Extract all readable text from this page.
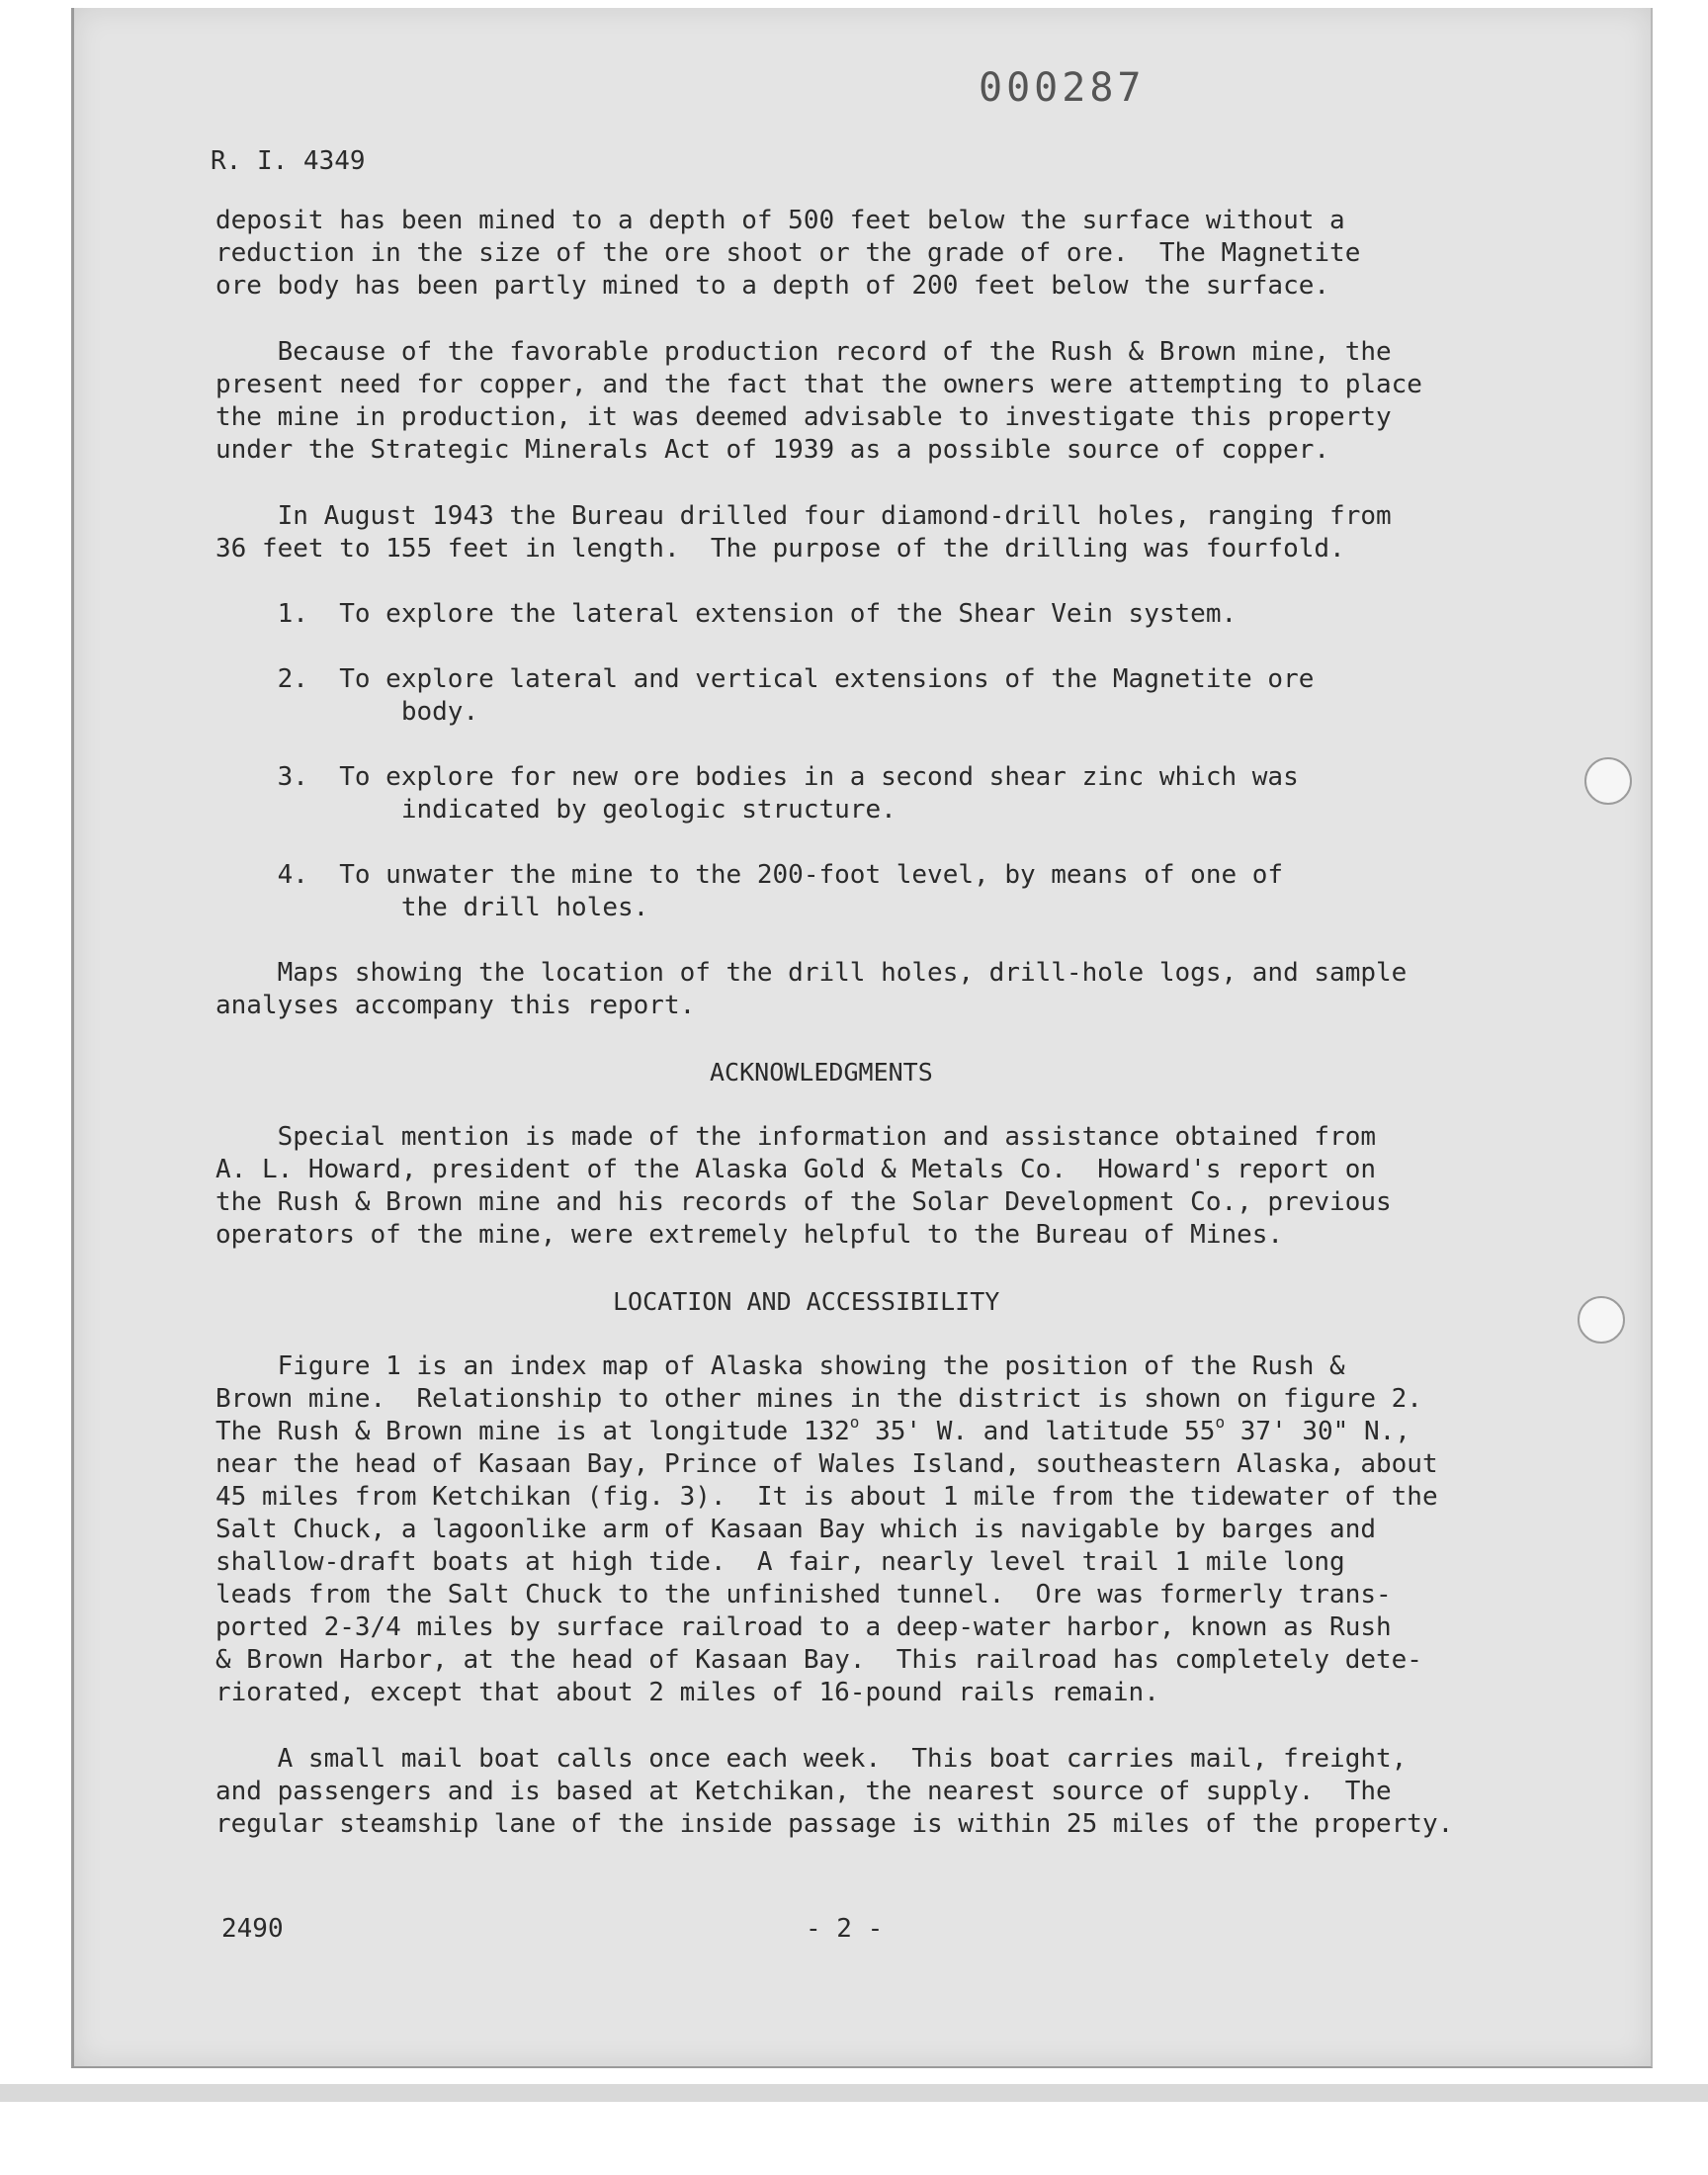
000287
R. I. 4349
deposit has been mined to a depth of 500 feet below the surface without a
reduction in the size of the ore shoot or the grade of ore.  The Magnetite
ore body has been partly mined to a depth of 200 feet below the surface.
Because of the favorable production record of the Rush & Brown mine, the
present need for copper, and the fact that the owners were attempting to place
the mine in production, it was deemed advisable to investigate this property
under the Strategic Minerals Act of 1939 as a possible source of copper.
In August 1943 the Bureau drilled four diamond-drill holes, ranging from
36 feet to 155 feet in length.  The purpose of the drilling was fourfold.
1.  To explore the lateral extension of the Shear Vein system.
2.  To explore lateral and vertical extensions of the Magnetite ore
body.
3.  To explore for new ore bodies in a second shear zinc which was
indicated by geologic structure.
4.  To unwater the mine to the 200-foot level, by means of one of
the drill holes.
Maps showing the location of the drill holes, drill-hole logs, and sample
analyses accompany this report.
ACKNOWLEDGMENTS
Special mention is made of the information and assistance obtained from
A. L. Howard, president of the Alaska Gold & Metals Co.  Howard's report on
the Rush & Brown mine and his records of the Solar Development Co., previous
operators of the mine, were extremely helpful to the Bureau of Mines.
LOCATION AND ACCESSIBILITY
Figure 1 is an index map of Alaska showing the position of the Rush &
Brown mine.  Relationship to other mines in the district is shown on figure 2.
The Rush & Brown mine is at longitude 132$^o$ 35' W. and latitude 55$^o$ 37' 30" N.,
near the head of Kasaan Bay, Prince of Wales Island, southeastern Alaska, about
45 miles from Ketchikan (fig. 3).  It is about 1 mile from the tidewater of the
Salt Chuck, a lagoonlike arm of Kasaan Bay which is navigable by barges and
shallow-draft boats at high tide.  A fair, nearly level trail 1 mile long
leads from the Salt Chuck to the unfinished tunnel.  Ore was formerly trans-
ported 2-3/4 miles by surface railroad to a deep-water harbor, known as Rush
& Brown Harbor, at the head of Kasaan Bay.  This railroad has completely dete-
riorated, except that about 2 miles of 16-pound rails remain.
A small mail boat calls once each week.  This boat carries mail, freight,
and passengers and is based at Ketchikan, the nearest source of supply.  The
regular steamship lane of the inside passage is within 25 miles of the property.
2490	- 2 -
